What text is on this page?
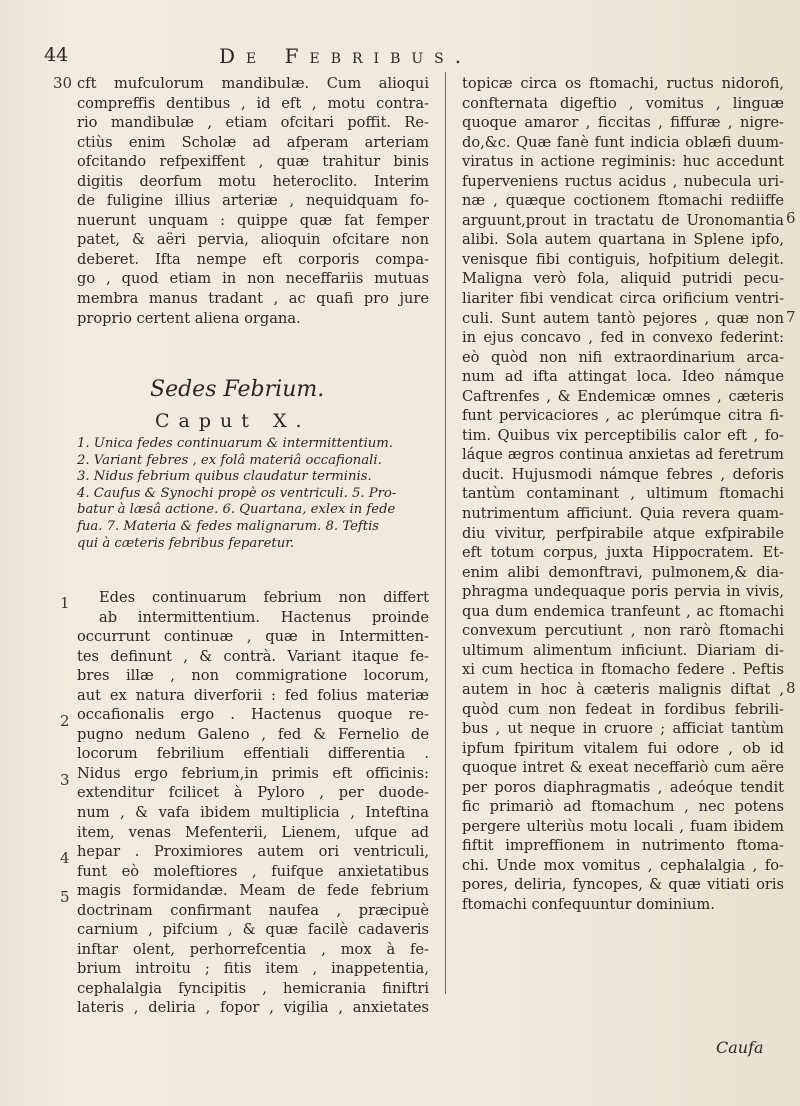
44	De Febribus.
cft mufculorum mandibulæ. Cum alioqui
compreffis dentibus , id eft , motu contra-
rio mandibulæ , etiam ofcitari poffit. Re-
ctiùs enim Scholæ ad afperam arteriam
ofcitando refpexiffent , quæ trahitur binis
digitis deorfum motu heteroclito. Interim
de fuligine illius arteriæ , nequidquam fo-
nuerunt unquam : quippe quæ fat femper
patet, & aëri pervia, alioquin ofcitare non
deberet. Ifta nempe eft corporis compa-
go , quod etiam in non neceffariis mutuas
membra manus tradant , ac quafi pro jure
proprio certent aliena organa.
Sedes Febrium.
Caput X.
1. Unica fedes continuarum & intermittentium.
2. Variant febres , ex folâ materiâ occafionali.
3. Nidus febrium quibus claudatur terminis.
4. Caufus & Synochi propè os ventriculi. 5. Pro-
batur à læsâ actione. 6. Quartana, exlex in fede
fua. 7. Materia & fedes malignarum. 8. Teftis
qui à cæteris febribus feparetur.
Edes continuarum febrium non differt
ab intermittentium. Hactenus proinde
occurrunt continuæ , quæ in Intermitten-
tes definunt , & contrà. Variant itaque fe-
bres illæ , non commigratione locorum,
aut ex natura diverforii : fed folius materiæ
occafionalis ergo . Hactenus quoque re-
pugno nedum Galeno , fed & Fernelio de
locorum febrilium effentiali differentia .
Nidus ergo febrium,in primis eft officinis:
extenditur fcilicet à Pyloro , per duode-
num , & vafa ibidem multiplicia , Inteftina
item, venas Mefenterii, Lienem, ufque ad
hepar . Proximiores autem ori ventriculi,
funt eò moleftiores , fuifque anxietatibus
magis formidandæ. Meam de fede febrium
doctrinam confirmant naufea , præcipuè
carnium , pifcium , & quæ facilè cadaveris
inftar olent, perhorrefcentia , mox à fe-
brium introitu ; fitis item , inappetentia,
cephalalgia fyncipitis , hemicrania finiftri
lateris , deliria , fopor , vigilia , anxietates
topicæ circa os ftomachi, ructus nidorofi,
confternata digeftio , vomitus , linguæ
quoque amaror , ficcitas , fiffuræ , nigre-
do,&c. Quæ fanè funt indicia oblæfi duum-
viratus in actione regiminis: huc accedunt
fuperveniens ructus acidus , nubecula uri-
næ , quæque coctionem ftomachi rediiffe
arguunt,prout in tractatu de Uronomantia
alibi. Sola autem quartana in Splene ipfo,
venisque fibi contiguis, hofpitium delegit.
Maligna verò fola, aliquid putridi pecu-
liariter fibi vendicat circa orificium ventri-
culi. Sunt autem tantò pejores , quæ non
in ejus concavo , fed in convexo federint:
eò quòd non nifi extraordinarium arca-
num ad ifta attingat loca. Ideo námque
Caftrenfes , & Endemicæ omnes , cæteris
funt pervicaciores , ac plerúmque citra fi-
tim. Quibus vix perceptibilis calor eft , fo-
láque ægros continua anxietas ad feretrum
ducit. Hujusmodi námque febres , deforis
tantùm contaminant , ultimum ftomachi
nutrimentum afficiunt. Quia revera quam-
diu vivitur, perfpirabile atque exfpirabile
eft totum corpus, juxta Hippocratem. Et-
enim alibi demonftravi, pulmonem,& dia-
phragma undequaque poris pervia in vivis,
qua dum endemica tranfeunt , ac ftomachi
convexum percutiunt , non rarò ftomachi
ultimum alimentum inficiunt. Diariam di-
xi cum hectica in ftomacho federe . Peftis
autem in hoc à cæteris malignis diftat ,
quòd cum non fedeat in fordibus febrili-
bus , ut neque in cruore ; afficiat tantùm
ipfum fpiritum vitalem fui odore , ob id
quoque intret & exeat neceffariò cum aëre
per poros diaphragmatis , adeóque tendit
fic primariò ad ftomachum , nec potens
pergere ulteriùs motu locali , fuam ibidem
fiftit impreffionem in nutrimento ftoma-
chi. Unde mox vomitus , cephalalgia , fo-
pores, deliria, fyncopes, & quæ vitiati oris
ftomachi confequuntur dominium.
30
1
2
3
4
5
6
7
8
Caufa
